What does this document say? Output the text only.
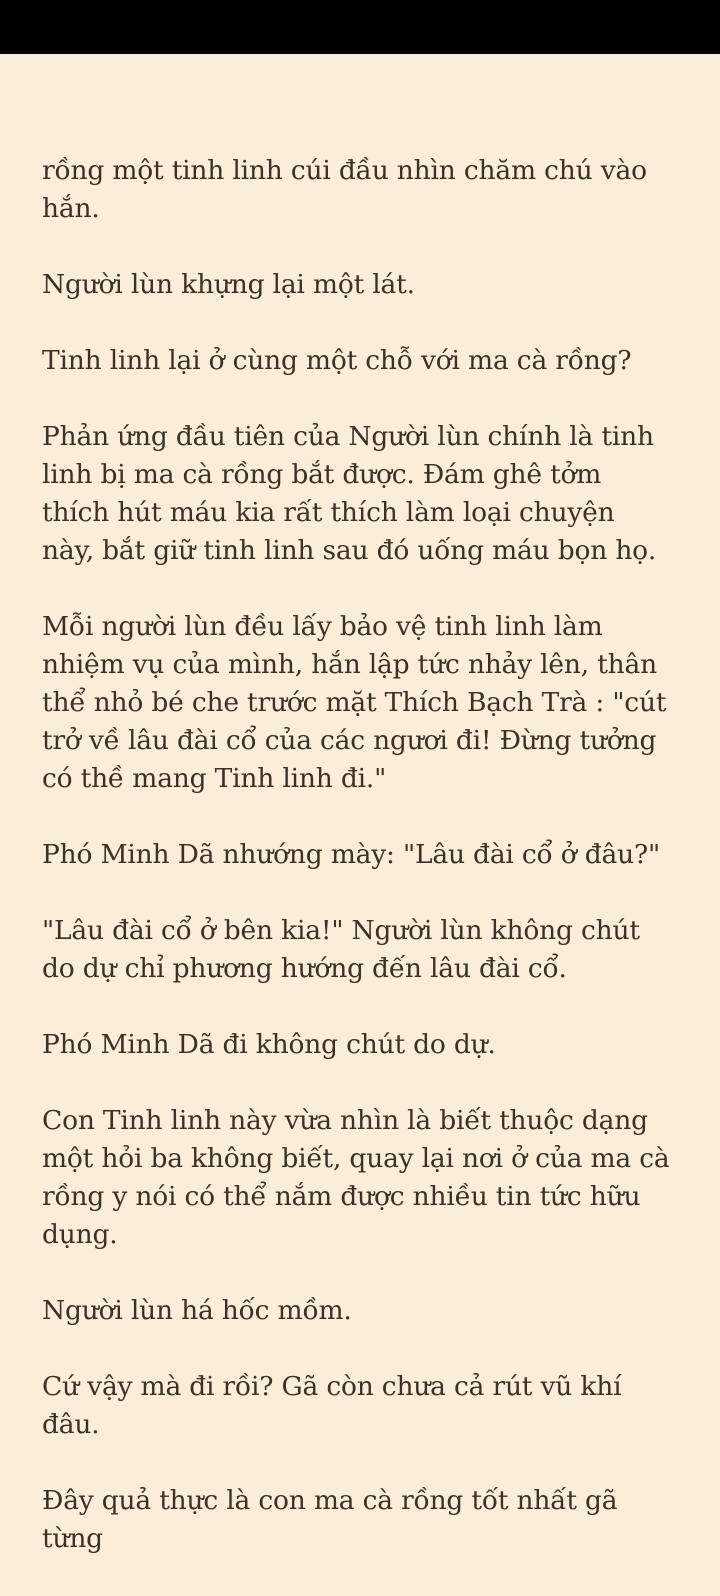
rồng một tinh linh cúi đầu nhìn chăm chú vào hắn.

Người lùn khựng lại một lát.

Tinh linh lại ở cùng một chỗ với ma cà rồng?

Phản ứng đầu tiên của Người lùn chính là tinh linh bị ma cà rồng bắt được. Đám ghê tởm thích hút máu kia rất thích làm loại chuyện này, bắt giữ tinh linh sau đó uống máu bọn họ.

Mỗi người lùn đều lấy bảo vệ tinh linh làm nhiệm vụ của mình, hắn lập tức nhảy lên, thân thể nhỏ bé che trước mặt Thích Bạch Trà : "cút trở về lâu đài cổ của các ngươi đi! Đừng tưởng có thề mang Tinh linh đi."

Phó Minh Dã nhướng mày: "Lâu đài cổ ở đâu?"

"Lâu đài cổ ở bên kia!" Người lùn không chút do dự chỉ phương hướng đến lâu đài cổ.

Phó Minh Dã đi không chút do dự.

Con Tinh linh này vừa nhìn là biết thuộc dạng một hỏi ba không biết, quay lại nơi ở của ma cà rồng y nói có thể nắm được nhiều tin tức hữu dụng.

Người lùn há hốc mồm.

Cứ vậy mà đi rồi? Gã còn chưa cả rút vũ khí đâu.

Đây quả thực là con ma cà rồng tốt nhất gã từng
